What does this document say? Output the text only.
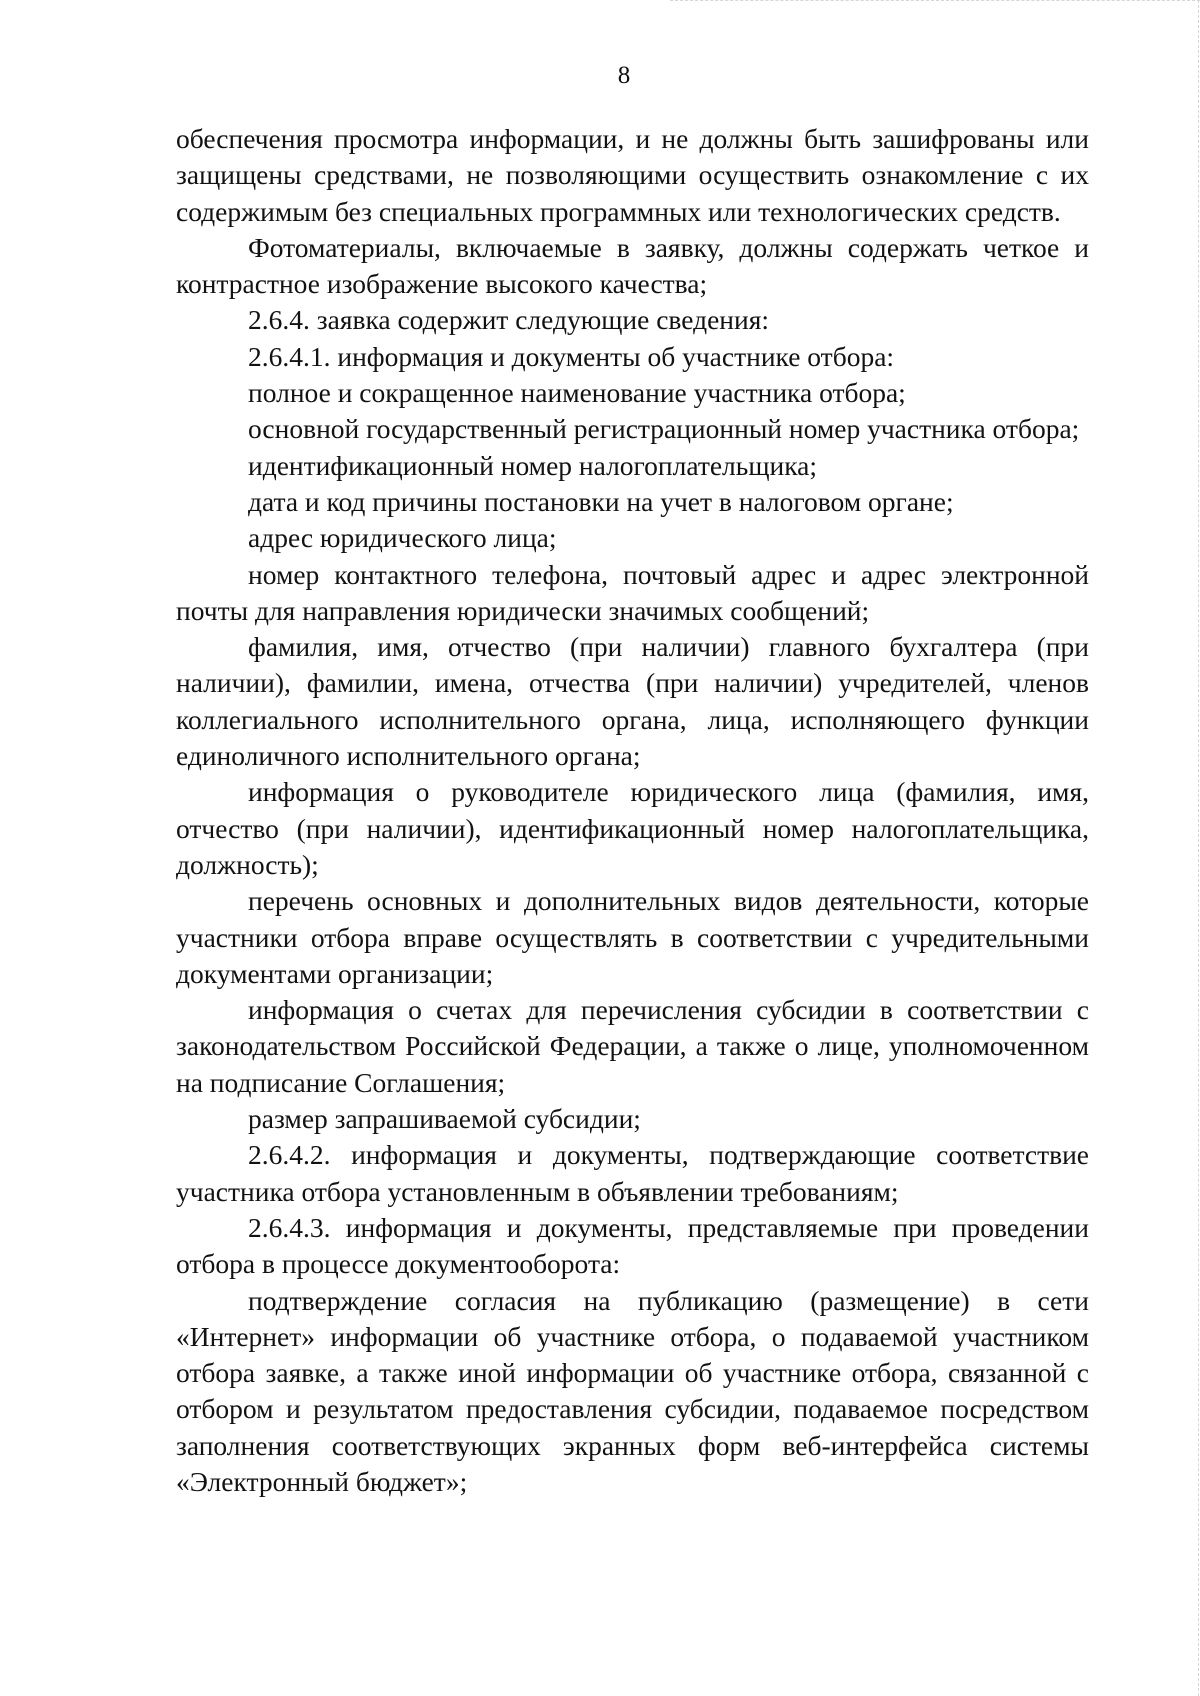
8

обеспечения просмотра информации, и не должны быть зашифрованы или защищены средствами, не позволяющими осуществить ознакомление с их содержимым без специальных программных или технологических средств.

Фотоматериалы, включаемые в заявку, должны содержать четкое и контрастное изображение высокого качества;

2.6.4. заявка содержит следующие сведения:

2.6.4.1. информация и документы об участнике отбора:

полное и сокращенное наименование участника отбора;

основной государственный регистрационный номер участника отбора;

идентификационный номер налогоплательщика;

дата и код причины постановки на учет в налоговом органе;

адрес юридического лица;

номер контактного телефона, почтовый адрес и адрес электронной почты для направления юридически значимых сообщений;

фамилия, имя, отчество (при наличии) главного бухгалтера (при наличии), фамилии, имена, отчества (при наличии) учредителей, членов коллегиального исполнительного органа, лица, исполняющего функции единоличного исполнительного органа;

информация о руководителе юридического лица (фамилия, имя, отчество (при наличии), идентификационный номер налогоплательщика, должность);

перечень основных и дополнительных видов деятельности, которые участники отбора вправе осуществлять в соответствии с учредительными документами организации;

информация о счетах для перечисления субсидии в соответствии с законодательством Российской Федерации, а также о лице, уполномоченном на подписание Соглашения;

размер запрашиваемой субсидии;

2.6.4.2. информация и документы, подтверждающие соответствие участника отбора установленным в объявлении требованиям;

2.6.4.3. информация и документы, представляемые при проведении отбора в процессе документооборота:

подтверждение согласия на публикацию (размещение) в сети «Интернет» информации об участнике отбора, о подаваемой участником отбора заявке, а также иной информации об участнике отбора, связанной с отбором и результатом предоставления субсидии, подаваемое посредством заполнения соответствующих экранных форм веб-интерфейса системы «Электронный бюджет»;
